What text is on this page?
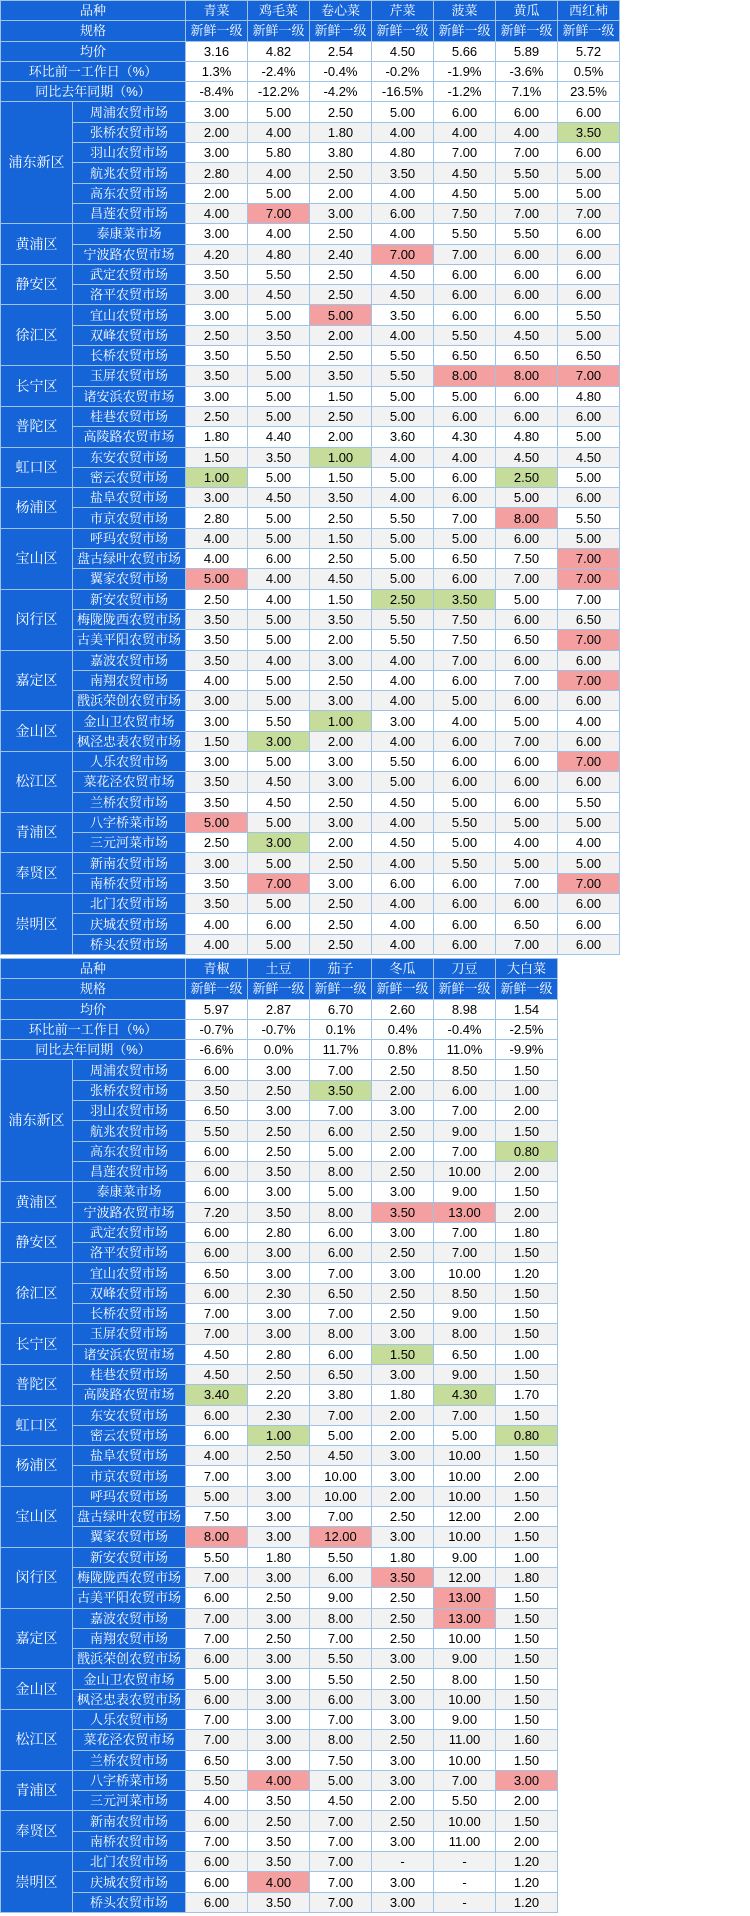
品种		青菜	鸡毛菜	卷心菜	芹菜	菠菜	黄瓜	西红柿
规格		新鲜一级	新鲜一级	新鲜一级	新鲜一级	新鲜一级	新鲜一级	新鲜一级
均价		3.16	4.82	2.54	4.50	5.66	5.89	5.72
环比前一工作日（%）		1.3%	-2.4%	-0.4%	-0.2%	-1.9%	-3.6%	0.5%
同比去年同期（%）		-8.4%	-12.2%	-4.2%	-16.5%	-1.2%	7.1%	23.5%
浦东新区	周浦农贸市场	3.00	5.00	2.50	5.00	6.00	6.00	6.00
	张桥农贸市场	2.00	4.00	1.80	4.00	4.00	4.00	3.50
	羽山农贸市场	3.00	5.80	3.80	4.80	7.00	7.00	6.00
	航兆农贸市场	2.80	4.00	2.50	3.50	4.50	5.50	5.00
	高东农贸市场	2.00	5.00	2.00	4.00	4.50	5.00	5.00
	昌莲农贸市场	4.00	7.00	3.00	6.00	7.50	7.00	7.00
黄浦区	泰康菜市场	3.00	4.00	2.50	4.00	5.50	5.50	6.00
	宁波路农贸市场	4.20	4.80	2.40	7.00	7.00	6.00	6.00
静安区	武定农贸市场	3.50	5.50	2.50	4.50	6.00	6.00	6.00
	洛平农贸市场	3.00	4.50	2.50	4.50	6.00	6.00	6.00
徐汇区	宜山农贸市场	3.00	5.00	5.00	3.50	6.00	6.00	5.50
	双峰农贸市场	2.50	3.50	2.00	4.00	5.50	4.50	5.00
	长桥农贸市场	3.50	5.50	2.50	5.50	6.50	6.50	6.50
长宁区	玉屏农贸市场	3.50	5.00	3.50	5.50	8.00	8.00	7.00
	诸安浜农贸市场	3.00	5.00	1.50	5.00	5.00	6.00	4.80
普陀区	桂巷农贸市场	2.50	5.00	2.50	5.00	6.00	6.00	6.00
	高陵路农贸市场	1.80	4.40	2.00	3.60	4.30	4.80	5.00
虹口区	东安农贸市场	1.50	3.50	1.00	4.00	4.00	4.50	4.50
	密云农贸市场	1.00	5.00	1.50	5.00	6.00	2.50	5.00
杨浦区	盐阜农贸市场	3.00	4.50	3.50	4.00	6.00	5.00	6.00
	市京农贸市场	2.80	5.00	2.50	5.50	7.00	8.00	5.50
宝山区	呼玛农贸市场	4.00	5.00	1.50	5.00	5.00	6.00	5.00
	盘古绿叶农贸市场	4.00	6.00	2.50	5.00	6.50	7.50	7.00
	翼家农贸市场	5.00	4.00	4.50	5.00	6.00	7.00	7.00
闵行区	新安农贸市场	2.50	4.00	1.50	2.50	3.50	5.00	7.00
	梅陇陇西农贸市场	3.50	5.00	3.50	5.50	7.50	6.00	6.50
	古美平阳农贸市场	3.50	5.00	2.00	5.50	7.50	6.50	7.00
嘉定区	嘉波农贸市场	3.50	4.00	3.00	4.00	7.00	6.00	6.00
	南翔农贸市场	4.00	5.00	2.50	4.00	6.00	7.00	7.00
	戬浜荣创农贸市场	3.00	5.00	3.00	4.00	5.00	6.00	6.00
金山区	金山卫农贸市场	3.00	5.50	1.00	3.00	4.00	5.00	4.00
	枫泾忠表农贸市场	1.50	3.00	2.00	4.00	6.00	7.00	6.00
松江区	人乐农贸市场	3.00	5.00	3.00	5.50	6.00	6.00	7.00
	菜花泾农贸市场	3.50	4.50	3.00	5.00	6.00	6.00	6.00
	兰桥农贸市场	3.50	4.50	2.50	4.50	5.00	6.00	5.50
青浦区	八字桥菜市场	5.00	5.00	3.00	4.00	5.50	5.00	5.00
	三元河菜市场	2.50	3.00	2.00	4.50	5.00	4.00	4.00
奉贤区	新南农贸市场	3.00	5.00	2.50	4.00	5.50	5.00	5.00
	南桥农贸市场	3.50	7.00	3.00	6.00	6.00	7.00	7.00
崇明区	北门农贸市场	3.50	5.00	2.50	4.00	6.00	6.00	6.00
	庆城农贸市场	4.00	6.00	2.50	4.00	6.00	6.50	6.00
	桥头农贸市场	4.00	5.00	2.50	4.00	6.00	7.00	6.00
品种		青椒	土豆	茄子	冬瓜	刀豆	大白菜	
规格		新鲜一级	新鲜一级	新鲜一级	新鲜一级	新鲜一级	新鲜一级	
均价		5.97	2.87	6.70	2.60	8.98	1.54	
环比前一工作日（%）		-0.7%	-0.7%	0.1%	0.4%	-0.4%	-2.5%	
同比去年同期（%）		-6.6%	0.0%	11.7%	0.8%	11.0%	-9.9%	
浦东新区	周浦农贸市场	6.00	3.00	7.00	2.50	8.50	1.50	
	张桥农贸市场	3.50	2.50	3.50	2.00	6.00	1.00	
	羽山农贸市场	6.50	3.00	7.00	3.00	7.00	2.00	
	航兆农贸市场	5.50	2.50	6.00	2.50	9.00	1.50	
	高东农贸市场	6.00	2.50	5.00	2.00	7.00	0.80	
	昌莲农贸市场	6.00	3.50	8.00	2.50	10.00	2.00	
黄浦区	泰康菜市场	6.00	3.00	5.00	3.00	9.00	1.50	
	宁波路农贸市场	7.20	3.50	8.00	3.50	13.00	2.00	
静安区	武定农贸市场	6.00	2.80	6.00	3.00	7.00	1.80	
	洛平农贸市场	6.00	3.00	6.00	2.50	7.00	1.50	
徐汇区	宜山农贸市场	6.50	3.00	7.00	3.00	10.00	1.20	
	双峰农贸市场	6.00	2.30	6.50	2.50	8.50	1.50	
	长桥农贸市场	7.00	3.00	7.00	2.50	9.00	1.50	
长宁区	玉屏农贸市场	7.00	3.00	8.00	3.00	8.00	1.50	
	诸安浜农贸市场	4.50	2.80	6.00	1.50	6.50	1.00	
普陀区	桂巷农贸市场	4.50	2.50	6.50	3.00	9.00	1.50	
	高陵路农贸市场	3.40	2.20	3.80	1.80	4.30	1.70	
虹口区	东安农贸市场	6.00	2.30	7.00	2.00	7.00	1.50	
	密云农贸市场	6.00	1.00	5.00	2.00	5.00	0.80	
杨浦区	盐阜农贸市场	4.00	2.50	4.50	3.00	10.00	1.50	
	市京农贸市场	7.00	3.00	10.00	3.00	10.00	2.00	
宝山区	呼玛农贸市场	5.00	3.00	10.00	2.00	10.00	1.50	
	盘古绿叶农贸市场	7.50	3.00	7.00	2.50	12.00	2.00	
	翼家农贸市场	8.00	3.00	12.00	3.00	10.00	1.50	
闵行区	新安农贸市场	5.50	1.80	5.50	1.80	9.00	1.00	
	梅陇陇西农贸市场	7.00	3.00	6.00	3.50	12.00	1.80	
	古美平阳农贸市场	6.00	2.50	9.00	2.50	13.00	1.50	
嘉定区	嘉波农贸市场	7.00	3.00	8.00	2.50	13.00	1.50	
	南翔农贸市场	7.00	2.50	7.00	2.50	10.00	1.50	
	戬浜荣创农贸市场	6.00	3.00	5.50	3.00	9.00	1.50	
金山区	金山卫农贸市场	5.00	3.00	5.50	2.50	8.00	1.50	
	枫泾忠表农贸市场	6.00	3.00	6.00	3.00	10.00	1.50	
松江区	人乐农贸市场	7.00	3.00	7.00	3.00	9.00	1.50	
	菜花泾农贸市场	7.00	3.00	8.00	2.50	11.00	1.60	
	兰桥农贸市场	6.50	3.00	7.50	3.00	10.00	1.50	
青浦区	八字桥菜市场	5.50	4.00	5.00	3.00	7.00	3.00	
	三元河菜市场	4.00	3.50	4.50	2.00	5.50	2.00	
奉贤区	新南农贸市场	6.00	2.50	7.00	2.50	10.00	1.50	
	南桥农贸市场	7.00	3.50	7.00	3.00	11.00	2.00	
崇明区	北门农贸市场	6.00	3.50	7.00	-	-	1.20	
	庆城农贸市场	6.00	4.00	7.00	3.00	-	1.20	
	桥头农贸市场	6.00	3.50	7.00	3.00	-	1.20	
